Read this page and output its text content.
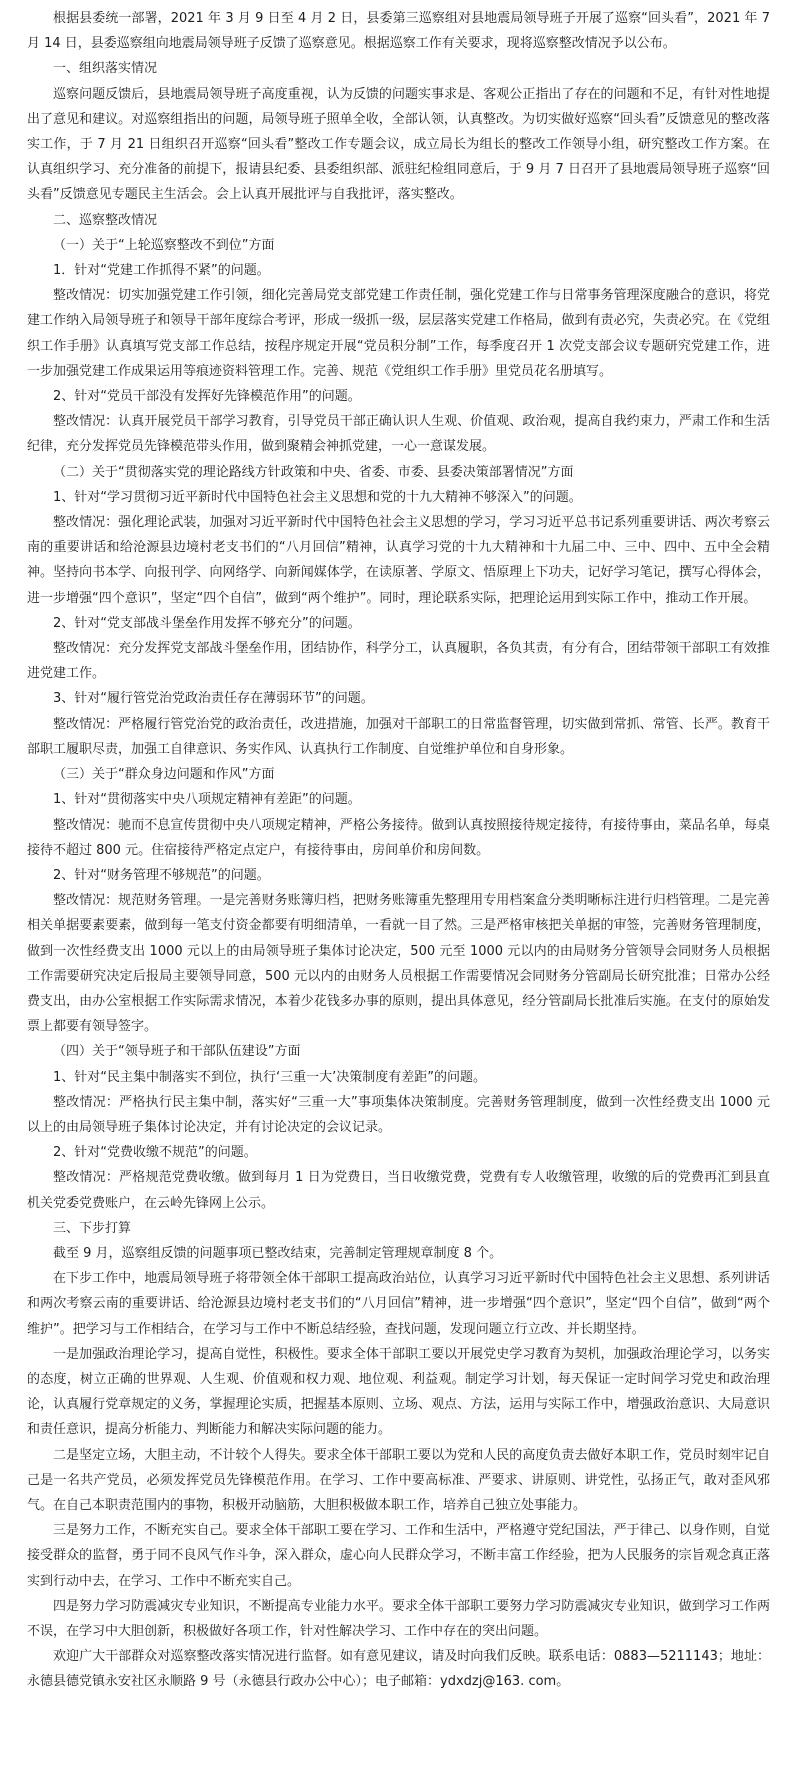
根据县委统一部署，2021 年 3 月 9 日至 4 月 2 日，县委第三巡察组对县地震局领导班子开展了巡察“回头看”，2021 年 7 月 14 日，县委巡察组向地震局领导班子反馈了巡察意见。根据巡察工作有关要求，现将巡察整改情况予以公布。

一、组织落实情况

巡察问题反馈后，县地震局领导班子高度重视，认为反馈的问题实事求是、客观公正指出了存在的问题和不足，有针对性地提出了意见和建议。对巡察组指出的问题，局领导班子照单全收，全部认领，认真整改。为切实做好巡察“回头看”反馈意见的整改落实工作，于 7 月 21 日组织召开巡察“回头看”整改工作专题会议，成立局长为组长的整改工作领导小组，研究整改工作方案。在认真组织学习、充分准备的前提下，报请县纪委、县委组织部、派驻纪检组同意后，于 9 月 7 日召开了县地震局领导班子巡察“回头看”反馈意见专题民主生活会。会上认真开展批评与自我批评，落实整改。

二、巡察整改情况

（一）关于“上轮巡察整改不到位”方面

1．针对“党建工作抓得不紧”的问题。

整改情况：切实加强党建工作引领，细化完善局党支部党建工作责任制，强化党建工作与日常事务管理深度融合的意识，将党建工作纳入局领导班子和领导干部年度综合考评，形成一级抓一级，层层落实党建工作格局，做到有责必究，失责必究。在《党组织工作手册》认真填写党支部工作总结，按程序规定开展“党员积分制”工作，每季度召开 1 次党支部会议专题研究党建工作，进一步加强党建工作成果运用等痕迹资料管理工作。完善、规范《党组织工作手册》里党员花名册填写。

2、针对“党员干部没有发挥好先锋模范作用”的问题。

整改情况：认真开展党员干部学习教育，引导党员干部正确认识人生观、价值观、政治观，提高自我约束力，严肃工作和生活纪律，充分发挥党员先锋模范带头作用，做到聚精会神抓党建，一心一意谋发展。

（二）关于“贯彻落实党的理论路线方针政策和中央、省委、市委、县委决策部署情况”方面

1、针对“学习贯彻习近平新时代中国特色社会主义思想和党的十九大精神不够深入”的问题。

整改情况：强化理论武装，加强对习近平新时代中国特色社会主义思想的学习，学习习近平总书记系列重要讲话、两次考察云南的重要讲话和给沧源县边境村老支书们的“八月回信”精神，认真学习党的十九大精神和十九届二中、三中、四中、五中全会精神。坚持向书本学、向报刊学、向网络学、向新闻媒体学，在读原著、学原文、悟原理上下功夫，记好学习笔记，撰写心得体会，进一步增强“四个意识”，坚定“四个自信”，做到“两个维护”。同时，理论联系实际，把理论运用到实际工作中，推动工作开展。

2、针对“党支部战斗堡垒作用发挥不够充分”的问题。

整改情况：充分发挥党支部战斗堡垒作用，团结协作，科学分工，认真履职，各负其责，有分有合，团结带领干部职工有效推进党建工作。

3、针对“履行管党治党政治责任存在薄弱环节”的问题。

整改情况：严格履行管党治党的政治责任，改进措施，加强对干部职工的日常监督管理，切实做到常抓、常管、长严。教育干部职工履职尽责，加强工自律意识、务实作风、认真执行工作制度、自觉维护单位和自身形象。

（三）关于“群众身边问题和作风”方面

1、针对“贯彻落实中央八项规定精神有差距”的问题。

整改情况：驰而不息宣传贯彻中央八项规定精神，严格公务接待。做到认真按照接待规定接待，有接待事由，菜品名单，每桌接待不超过 800 元。住宿接待严格定点定户，有接待事由，房间单价和房间数。

2、针对“财务管理不够规范”的问题。

整改情况：规范财务管理。一是完善财务账簿归档，把财务账簿重先整理用专用档案盒分类明晰标注进行归档管理。二是完善相关单据要素要素，做到每一笔支付资金都要有明细清单，一看就一目了然。三是严格审核把关单据的审签，完善财务管理制度，做到一次性经费支出 1000 元以上的由局领导班子集体讨论决定，500 元至 1000 元以内的由局财务分管领导会同财务人员根据工作需要研究决定后报局主要领导同意，500 元以内的由财务人员根据工作需要情况会同财务分管副局长研究批准；日常办公经费支出，由办公室根据工作实际需求情况，本着少花钱多办事的原则，提出具体意见，经分管副局长批准后实施。在支付的原始发票上都要有领导签字。

（四）关于“领导班子和干部队伍建设”方面

1、针对“民主集中制落实不到位，执行‘三重一大’决策制度有差距”的问题。

整改情况：严格执行民主集中制，落实好“三重一大”事项集体决策制度。完善财务管理制度，做到一次性经费支出 1000 元以上的由局领导班子集体讨论决定，并有讨论决定的会议记录。

2、针对“党费收缴不规范”的问题。

整改情况：严格规范党费收缴。做到每月 1 日为党费日，当日收缴党费，党费有专人收缴管理，收缴的后的党费再汇到县直机关党委党费账户，在云岭先锋网上公示。

三、下步打算

截至 9 月，巡察组反馈的问题事项已整改结束，完善制定管理规章制度 8 个。

在下步工作中，地震局领导班子将带领全体干部职工提高政治站位，认真学习习近平新时代中国特色社会主义思想、系列讲话和两次考察云南的重要讲话、给沧源县边境村老支书们的“八月回信”精神，进一步增强“四个意识”，坚定“四个自信”，做到“两个维护”。把学习与工作相结合，在学习与工作中不断总结经验，查找问题，发现问题立行立改、并长期坚持。

一是加强政治理论学习，提高自觉性，积极性。要求全体干部职工要以开展党史学习教育为契机，加强政治理论学习，以务实的态度，树立正确的世界观、人生观、价值观和权力观、地位观、利益观。制定学习计划，每天保证一定时间学习党史和政治理论，认真履行党章规定的义务，掌握理论实质，把握基本原则、立场、观点、方法，运用与实际工作中，增强政治意识、大局意识和责任意识，提高分析能力、判断能力和解决实际问题的能力。

二是坚定立场，大胆主动，不计较个人得失。要求全体干部职工要以为党和人民的高度负责去做好本职工作，党员时刻牢记自己是一名共产党员，必须发挥党员先锋模范作用。在学习、工作中要高标准、严要求、讲原则、讲党性，弘扬正气，敢对歪风邪气。在自己本职责范围内的事物，积极开动脑筋，大胆积极做本职工作，培养自己独立处事能力。

三是努力工作，不断充实自己。要求全体干部职工要在学习、工作和生活中，严格遵守党纪国法，严于律己、以身作则，自觉接受群众的监督，勇于同不良风气作斗争，深入群众，虚心向人民群众学习，不断丰富工作经验，把为人民服务的宗旨观念真正落实到行动中去，在学习、工作中不断充实自己。

四是努力学习防震减灾专业知识，不断提高专业能力水平。要求全体干部职工要努力学习防震减灾专业知识，做到学习工作两不误，在学习中大胆创新，积极做好各项工作，针对性解决学习、工作中存在的突出问题。

欢迎广大干部群众对巡察整改落实情况进行监督。如有意见建议，请及时向我们反映。联系电话：0883—5211143；地址：永德县德党镇永安社区永顺路 9 号（永德县行政办公中心）；电子邮箱：ydxdzj@163. com。
